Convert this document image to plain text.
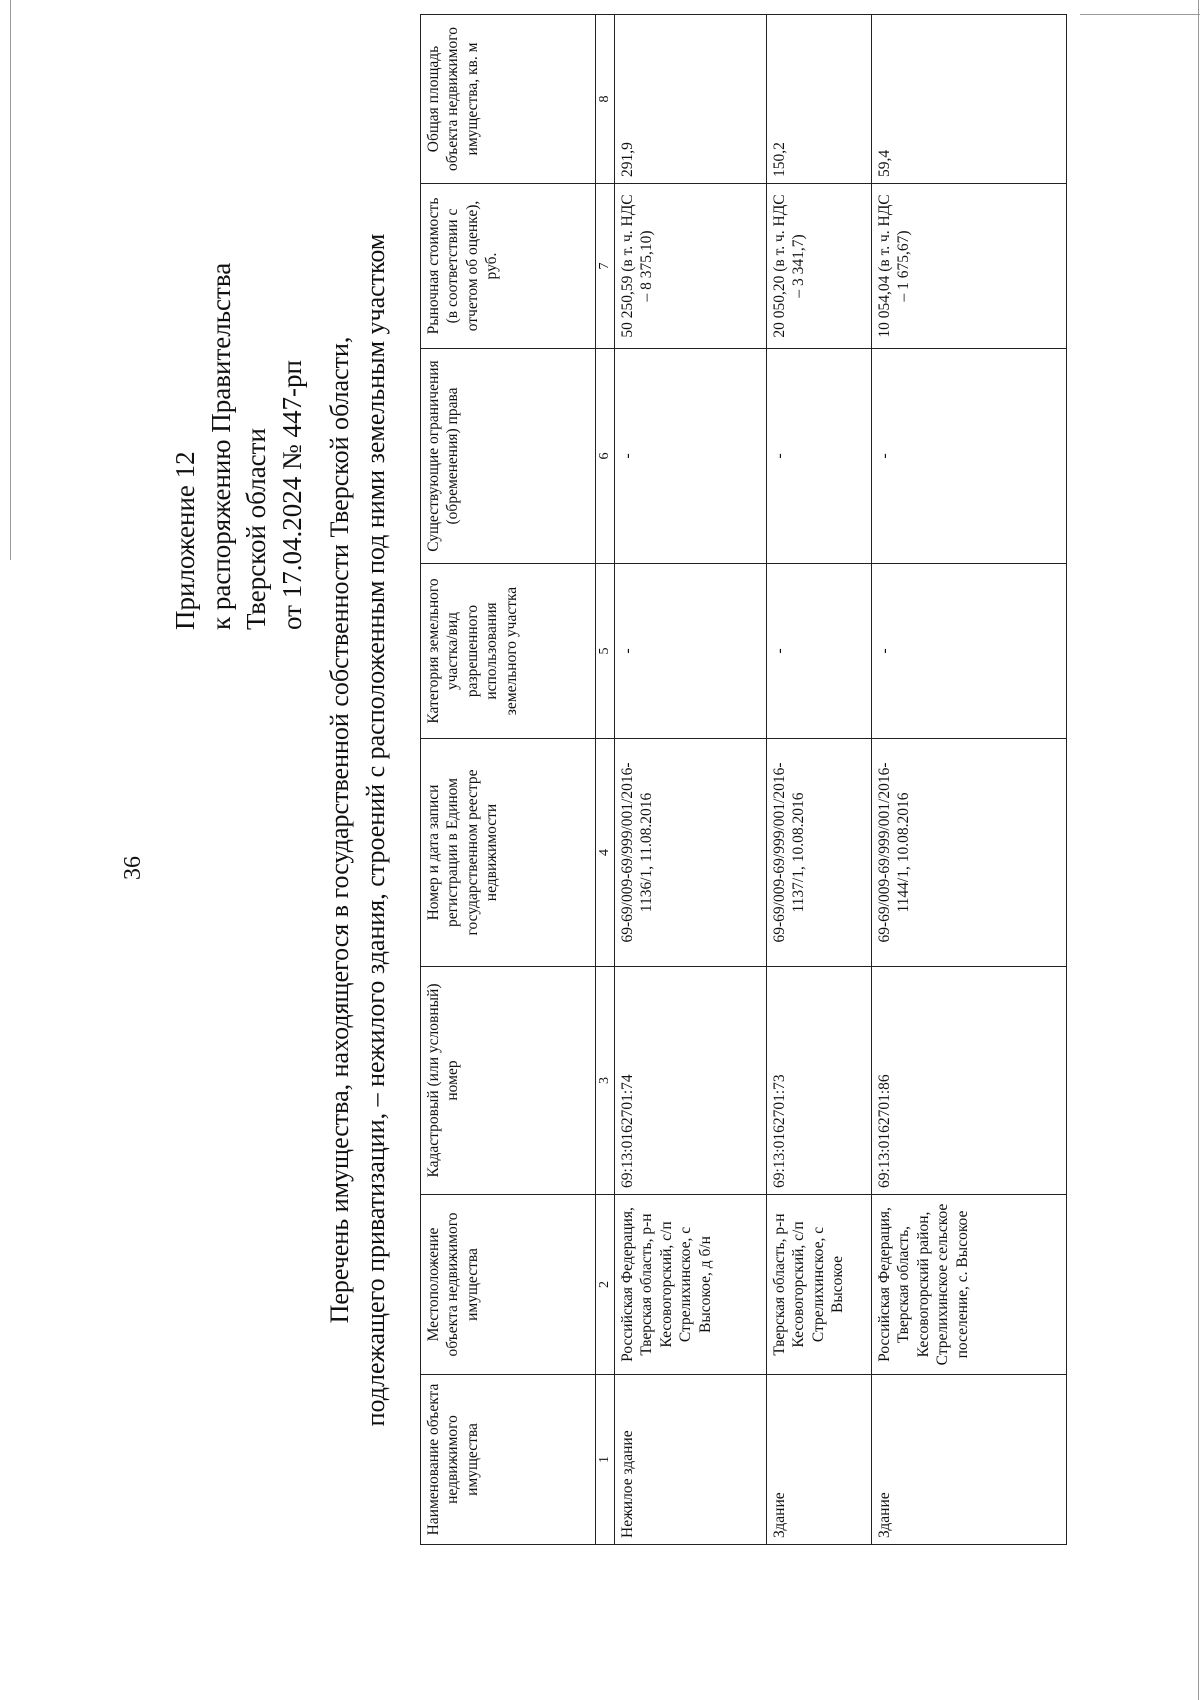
36
Приложение 12 к распоряжению Правительства Тверской области от 17.04.2024 № 447-рп Перечень имущества, находящегося в государственной собственности Тверской области, подлежащего приватизации, – нежилого здания, строений с расположенным под ними земельным участком
Наименование объекта недвижимого имущества	Местоположение объекта недвижимого имущества	Кадастровый (или условный) номер	Номер и дата записи регистрации в Едином государственном реестре недвижимости	Категория земельного участка/вид разрешенного использования земельного участка	Существующие ограничения (обременения) права	Рыночная стоимость (в соответствии с отчетом об оценке), руб.	Общая площадь объекта недвижимого имущества, кв. м
1	2	3	4	5	6	7	8
Нежилое здание	Российская Федерация, Тверская область, р-н Кесовогорский, с/п Стрелихинское, с Высокое, д б/н	69:13:0162701:74	69-69/009-69/999/001/2016-1136/1, 11.08.2016	-	-	50 250,59 (в т. ч. НДС – 8 375,10)	291,9
Здание	Тверская область, р-н Кесовогорский, с/п Стрелихинское, с Высокое	69:13:0162701:73	69-69/009-69/999/001/2016-1137/1, 10.08.2016	-	-	20 050,20 (в т. ч. НДС – 3 341,7)	150,2
Здание	Российская Федерация, Тверская область, Кесовогорский район, Стрелихинское сельское поселение, с. Высокое	69:13:0162701:86	69-69/009-69/999/001/2016-1144/1, 10.08.2016	-	-	10 054,04 (в т. ч. НДС – 1 675,67)	59,4
